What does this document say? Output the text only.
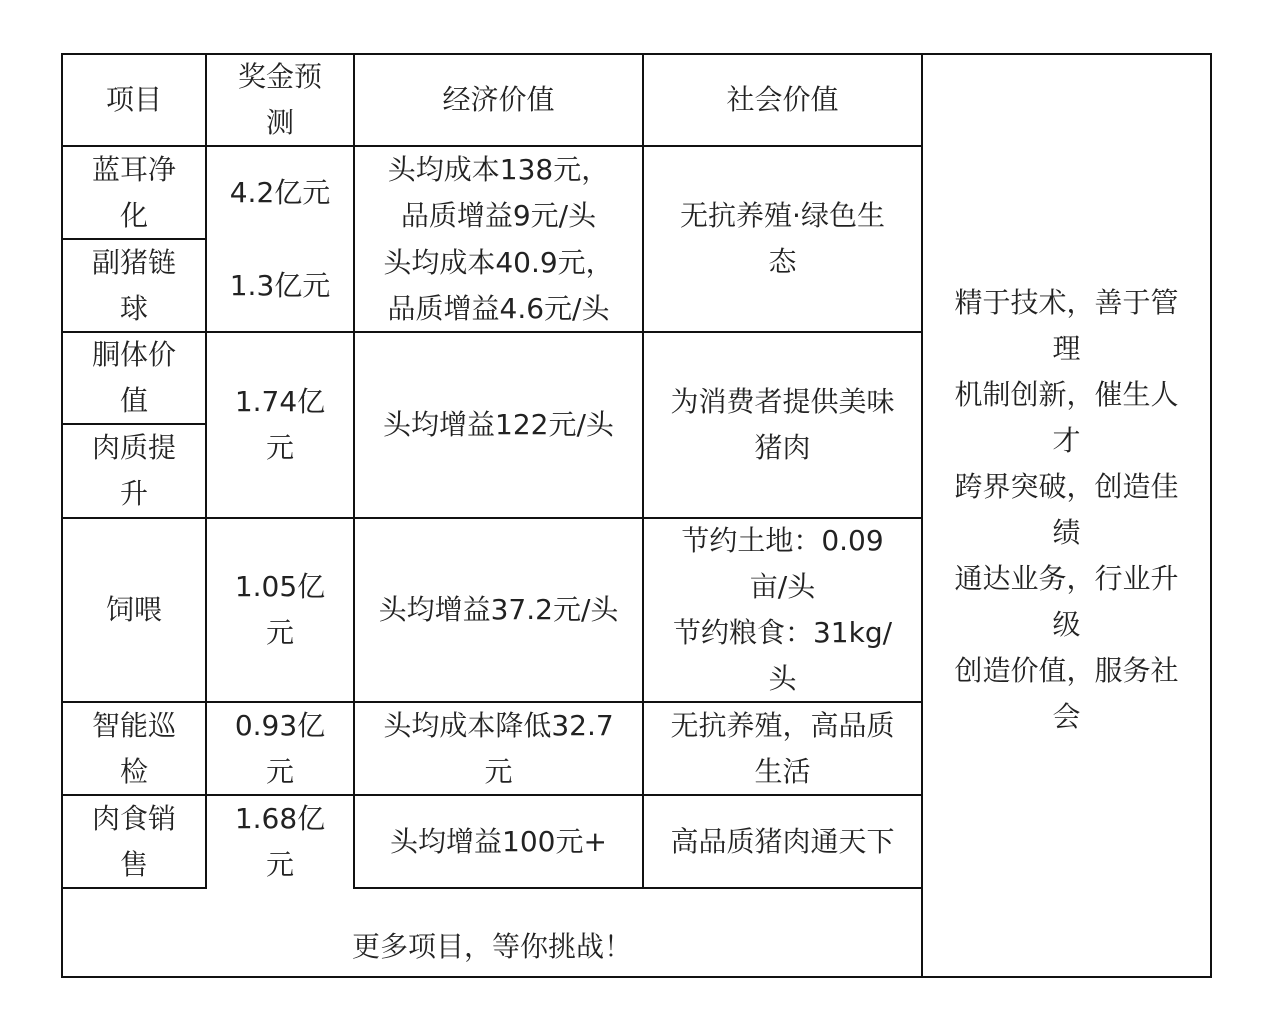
项目
奖金预
测
经济价值	社会价值
蓝耳净
化
4.2亿元
头均成本138元，
品质增益9元/头
副猪链
球
1.3亿元
头均成本40.9元，
品质增益4.6元/头
无抗养殖·绿色生
态
胴体价
值
肉质提
升
1.74亿
元
头均增益122元/头
为消费者提供美味
猪肉
饲喂
1.05亿
元
头均增益37.2元/头
节约土地：0.09
亩/头
节约粮食：31kg/
头
智能巡
检
0.93亿
元
头均成本降低32.7
元
无抗养殖，高品质
生活
肉食销
售
1.68亿
元
头均增益100元+	高品质猪肉通天下
精于技术，善于管
理
机制创新，催生人
才
跨界突破，创造佳
绩
通达业务，行业升
级
创造价值，服务社
会
更多项目，等你挑战！
